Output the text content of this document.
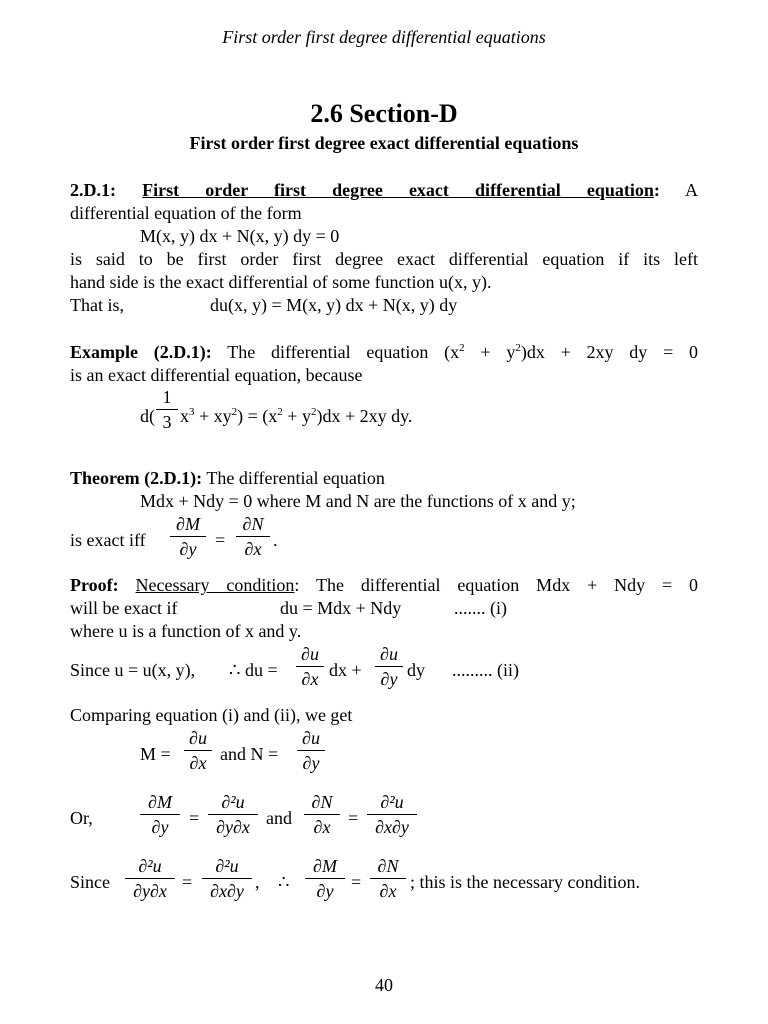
First order first degree differential equations
2.6 Section-D
First order first degree exact differential equations
2.D.1: First order first degree exact differential equation: A
differential equation of the form
M(x, y) dx + N(x, y) dy = 0
is said to be first order first degree exact differential equation if its left
hand side is the exact differential of some function u(x, y).
That is,	du(x, y) = M(x, y) dx + N(x, y) dy
Example (2.D.1): The differential equation $(x^2 + y^2)dx + 2xy$ dy = 0
is an exact differential equation, because
d(
1
3 $x^3 + xy^2) = (x^2 + y^2)dx + 2xy$ dy.
Theorem (2.D.1): The differential equation
Mdx + Ndy = 0 where M and N are the functions of x and y;
is exact iff
∂M
∂y	=
∂N
∂x .
Proof: Necessary condition: The differential equation Mdx + Ndy = 0
will be exact if	du = Mdx + Ndy	....... (i)
where u is a function of x and y.
Since u = u(x, y), ∴ du =
∂u
∂x dx +
∂u
∂y dy ......... (ii)
Comparing equation (i) and (ii), we get
M =
∂u
∂x and N =
∂u
∂y
Or,
∂M
∂y	=
∂²u
∂y∂x and
∂N
∂x =
∂²u
∂x∂y
Since
∂²u
∂y∂x =
∂²u
∂x∂y , ∴
∂M
∂y =
∂N
∂x ; this is the necessary condition.
40
